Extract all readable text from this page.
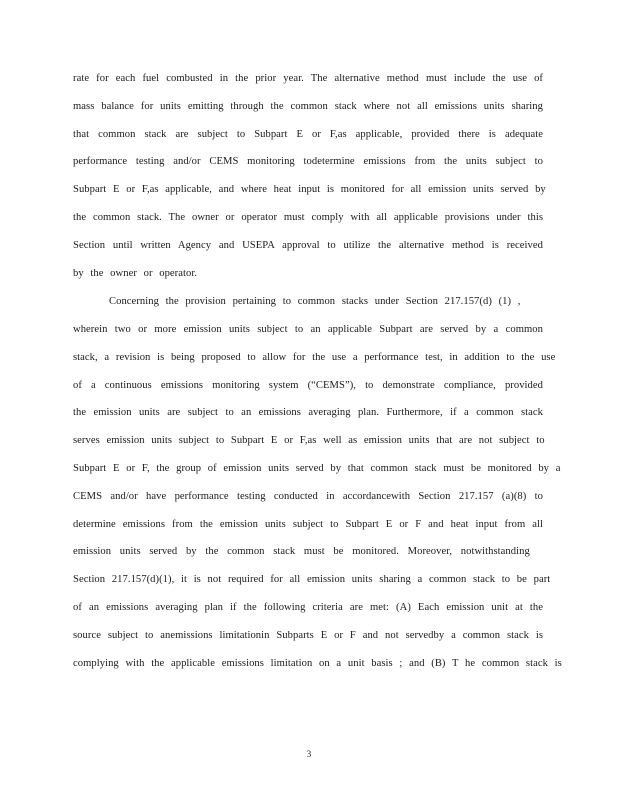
rate for each fuel combusted in the prior year. The alternative method must include the use of
mass balance for units emitting through the common stack where not all emissions units sharing
that common stack are subject to Subpart E or F,as applicable, provided there is adequate
performance testing and/or CEMS monitoring todetermine emissions from the units subject to
Subpart E or F,as applicable, and where heat input is monitored for all emission units served by
the common stack. The owner or operator must comply with all applicable provisions under this
Section until written Agency and USEPA approval to utilize the alternative method is received
by the owner or operator.
Concerning the provision pertaining to common stacks under Section 217.157(d) (1) ,
wherein two or more emission units subject to an applicable Subpart are served by a common
stack, a revision is being proposed to allow for the use a performance test, in addition to the use
of a continuous emissions monitoring system (“CEMS”), to demonstrate compliance, provided
the emission units are subject to an emissions averaging plan. Furthermore, if a common stack
serves emission units subject to Subpart E or F,as well as emission units that are not subject to
Subpart E or F, the group of emission units served by that common stack must be monitored by a
CEMS and/or have performance testing conducted in accordancewith Section 217.157 (a)(8) to
determine emissions from the emission units subject to Subpart E or F and heat input from all
emission units served by the common stack must be monitored. Moreover, notwithstanding
Section 217.157(d)(1), it is not required for all emission units sharing a common stack to be part
of an emissions averaging plan if the following criteria are met: (A) Each emission unit at the
source subject to anemissions limitationin Subparts E or F and not servedby a common stack is
complying with the applicable emissions limitation on a unit basis ; and (B) T he common stack is
3
